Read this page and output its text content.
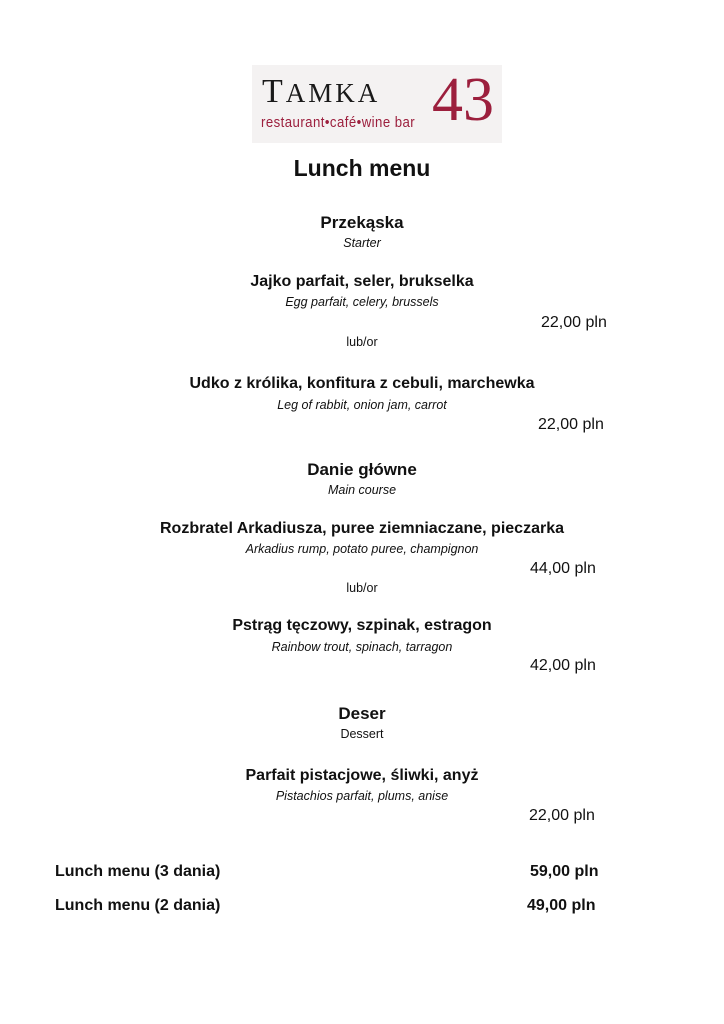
TAMKA 43
restaurant•café•wine bar
Lunch menu
Przekąska
Starter
Jajko parfait, seler, brukselka
Egg parfait, celery, brussels
22,00 pln
lub/or
Udko z królika, konfitura z cebuli, marchewka
Leg of rabbit, onion jam, carrot
22,00 pln
Danie główne
Main course
Rozbratel Arkadiusza, puree ziemniaczane, pieczarka
Arkadius rump, potato puree, champignon
44,00 pln
lub/or
Pstrąg tęczowy, szpinak, estragon
Rainbow trout, spinach, tarragon
42,00 pln
Deser
Dessert
Parfait pistacjowe, śliwki, anyż
Pistachios parfait, plums, anise
22,00 pln
Lunch menu (3 dania)	59,00 pln
Lunch menu (2 dania)	49,00 pln
